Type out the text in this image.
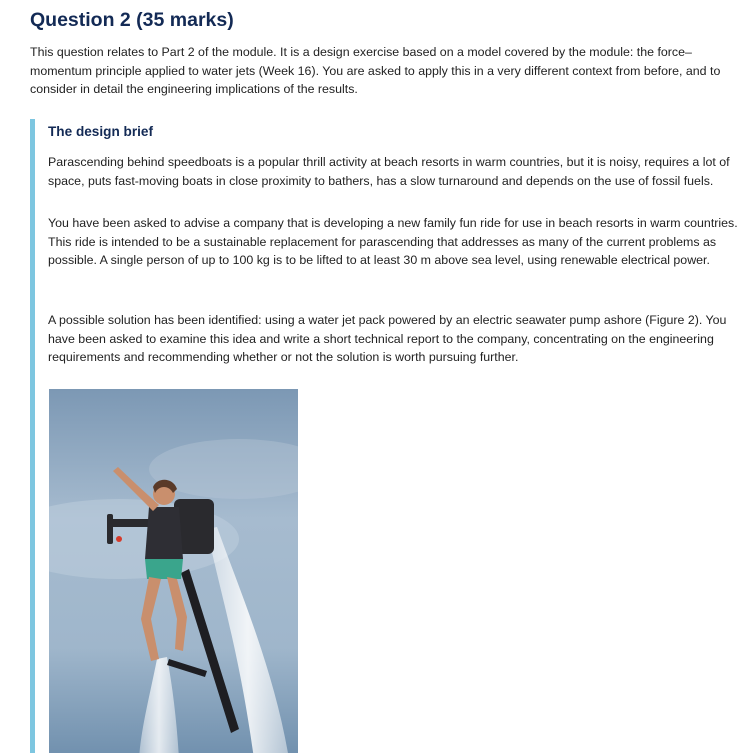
Question 2 (35 marks)

This question relates to Part 2 of the module. It is a design exercise based on a model covered by the module: the force–momentum principle applied to water jets (Week 16). You are asked to apply this in a very different context from before, and to consider in detail the engineering implications of the results.

The design brief

Parascending behind speedboats is a popular thrill activity at beach resorts in warm countries, but it is noisy, requires a lot of space, puts fast-moving boats in close proximity to bathers, has a slow turnaround and depends on the use of fossil fuels.

You have been asked to advise a company that is developing a new family fun ride for use in beach resorts in warm countries. This ride is intended to be a sustainable replacement for parascending that addresses as many of the current problems as possible. A single person of up to 100 kg is to be lifted to at least 30 m above sea level, using renewable electrical power.

A possible solution has been identified: using a water jet pack powered by an electric seawater pump ashore (Figure 2). You have been asked to examine this idea and write a short technical report to the company, concentrating on the engineering requirements and recommending whether or not the solution is worth pursuing further.
